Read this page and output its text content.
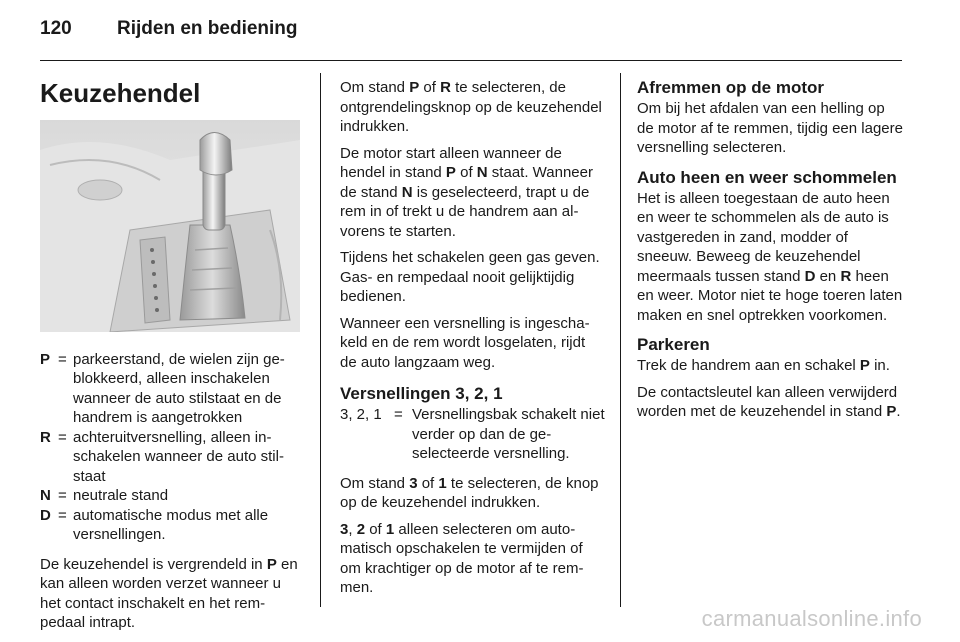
120 Rijden en bediening
Keuzehendel
P = parkeerstand, de wielen zijn geblokkeerd, alleen inschakelen wanneer de auto stilstaat en de handrem is aangetrokken
R = achteruitversnelling, alleen inschakelen wanneer de auto stilstaat
N = neutrale stand
D = automatische modus met alle versnellingen.

De keuzehendel is vergrendeld in P en kan alleen worden verzet wanneer u het contact inschakelt en het rempedaal intrapt.

Om stand P of R te selecteren, de ontgrendelingsknop op de keuzehendel indrukken.

De motor start alleen wanneer de hendel in stand P of N staat. Wanneer de stand N is geselecteerd, trapt u de rem in of trekt u de handrem aan alvorens te starten.

Tijdens het schakelen geen gas geven. Gas- en rempedaal nooit gelijktijdig bedienen.

Wanneer een versnelling is ingeschakeld en de rem wordt losgelaten, rijdt de auto langzaam weg.

Versnellingen 3, 2, 1
3, 2, 1 = Versnellingsbak schakelt niet verder op dan de geselecteerde versnelling.

Om stand 3 of 1 te selecteren, de knop op de keuzehendel indrukken.

3, 2 of 1 alleen selecteren om automatisch opschakelen te vermijden of om krachtiger op de motor af te remmen.

Afremmen op de motor

Om bij het afdalen van een helling op de motor af te remmen, tijdig een lagere versnelling selecteren.

Auto heen en weer schommelen

Het is alleen toegestaan de auto heen en weer te schommelen als de auto is vastgereden in zand, modder of sneeuw. Beweeg de keuzehendel meermaals tussen stand D en R heen en weer. Motor niet te hoge toeren laten maken en snel optrekken voorkomen.

Parkeren

Trek de handrem aan en schakel P in.

De contactsleutel kan alleen verwijderd worden met de keuzehendel in stand P.

carmanualsonline.info
